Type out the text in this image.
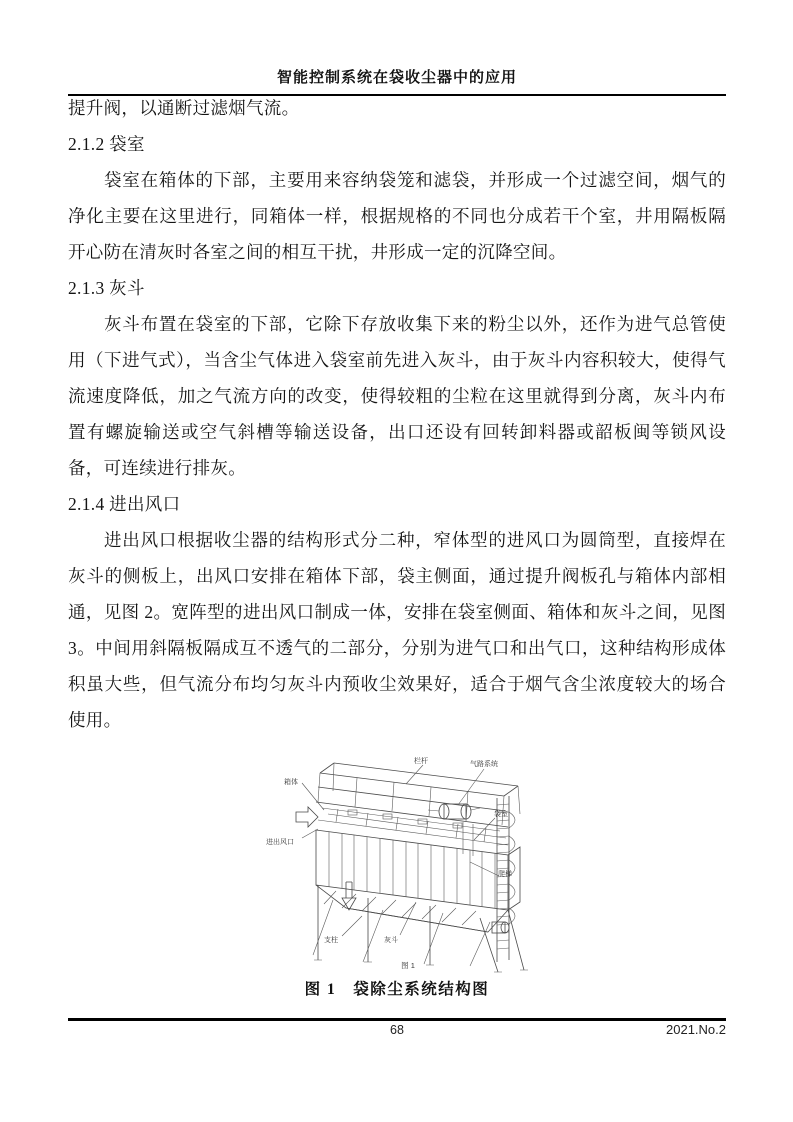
智能控制系统在袋收尘器中的应用

提升阀，以通断过滤烟气流。

2.1.2 袋室

袋室在箱体的下部，主要用来容纳袋笼和滤袋，并形成一个过滤空间，烟气的净化主要在这里进行，同箱体一样，根据规格的不同也分成若干个室，井用隔板隔开心防在清灰时各室之间的相互干扰，井形成一定的沉降空间。

2.1.3 灰斗

灰斗布置在袋室的下部，它除下存放收集下来的粉尘以外，还作为进气总管使用（下进气式），当含尘气体进入袋室前先进入灰斗，由于灰斗内容积较大，使得气流速度降低，加之气流方向的改变，使得较粗的尘粒在这里就得到分离，灰斗内布置有螺旋输送或空气斜槽等输送设备，出口还设有回转卸料器或韶板闽等锁风设备，可连续进行排灰。

2.1.4 进出风口

进出风口根据收尘器的结构形式分二种，窄体型的进风口为圆筒型，直接焊在灰斗的侧板上，出风口安排在箱体下部，袋主侧面，通过提升阀板孔与箱体内部相通，见图 2。宽阵型的进出风口制成一体，安排在袋室侧面、箱体和灰斗之间，见图 3。中间用斜隔板隔成互不透气的二部分，分别为进气口和出气口，这种结构形成体积虽大些，但气流分布均匀灰斗内预收尘效果好，适合于烟气含尘浓度较大的场合使用。

箱体
栏杆	气路系统
进出风口
袋室
爬梯
支柱	灰斗
图 1
图 1　袋除尘系统结构图
68	2021.No.2
